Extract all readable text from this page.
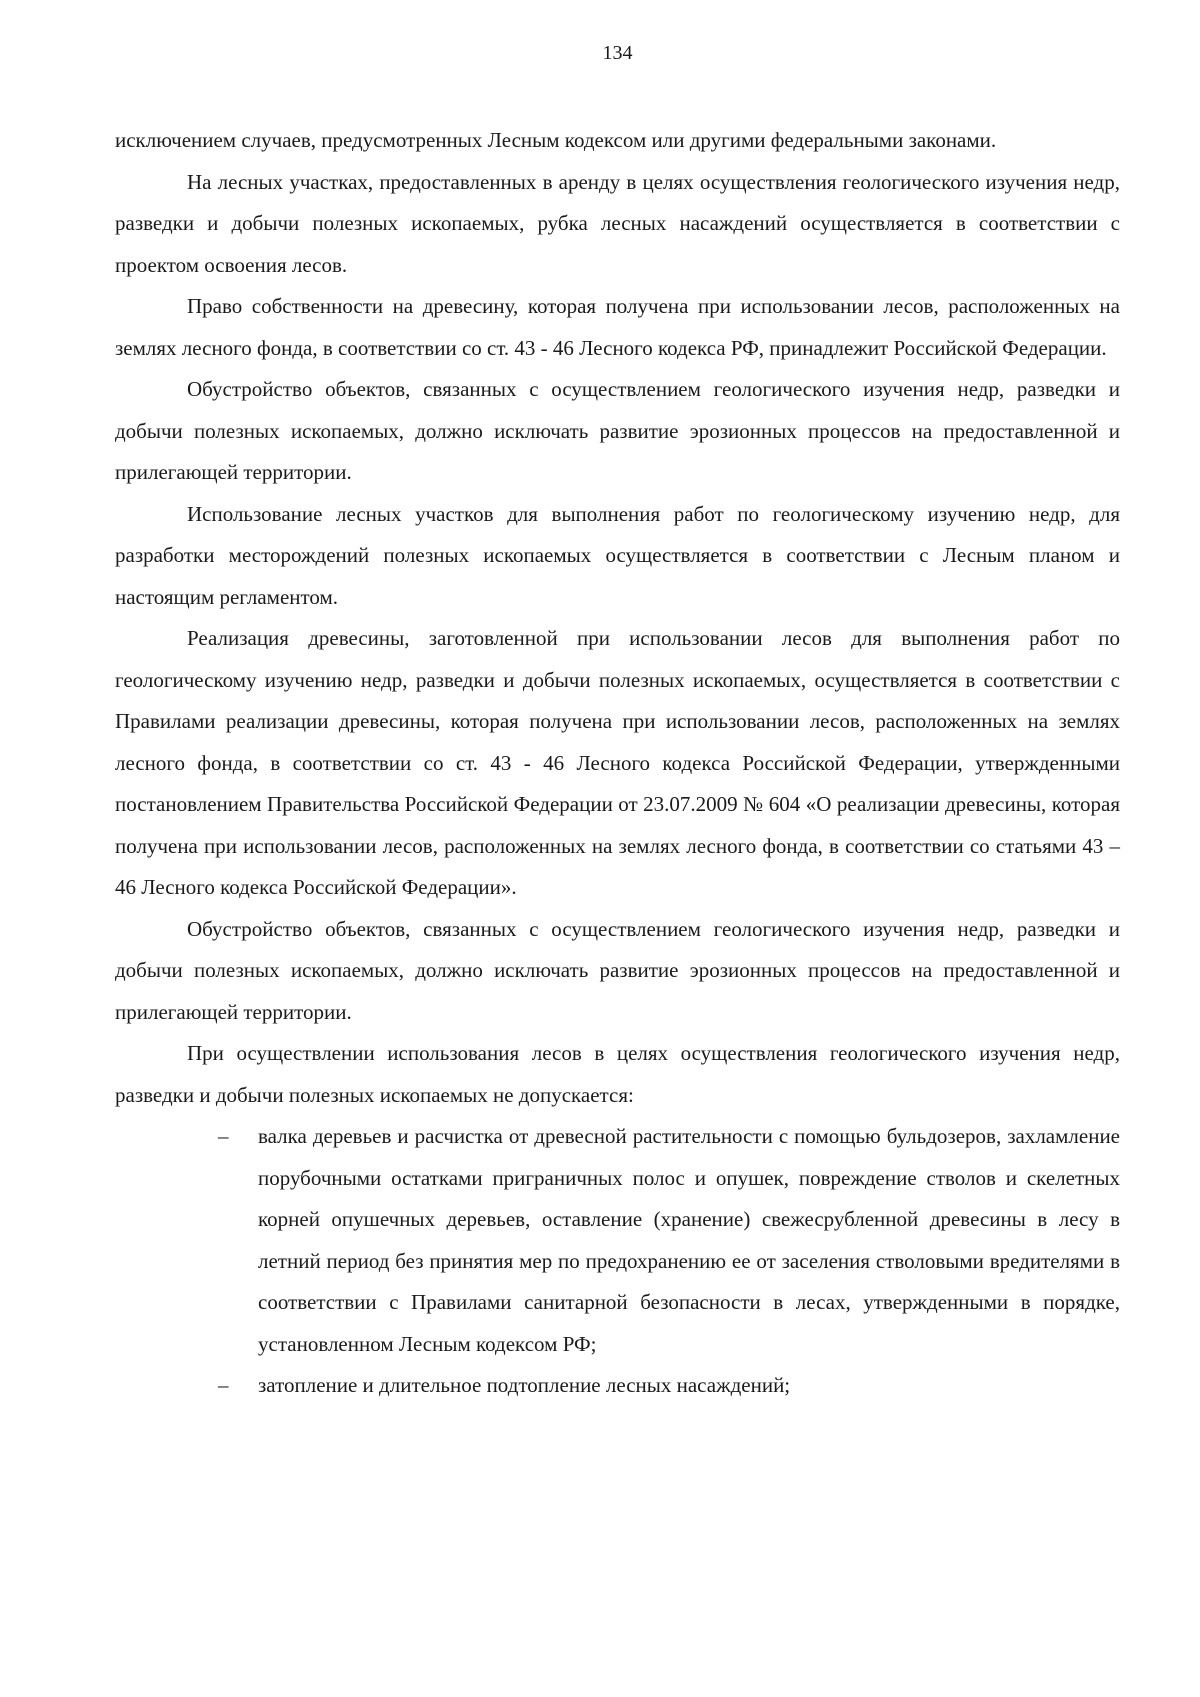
134

исключением случаев, предусмотренных Лесным кодексом или другими федеральными законами.

На лесных участках, предоставленных в аренду в целях осуществления геологического изучения недр, разведки и добычи полезных ископаемых, рубка лесных насаждений осуществляется в соответствии с проектом освоения лесов.

Право собственности на древесину, которая получена при использовании лесов, расположенных на землях лесного фонда, в соответствии со ст. 43 - 46 Лесного кодекса РФ, принадлежит Российской Федерации.

Обустройство объектов, связанных с осуществлением геологического изучения недр, разведки и добычи полезных ископаемых, должно исключать развитие эрозионных процессов на предоставленной и прилегающей территории.

Использование лесных участков для выполнения работ по геологическому изучению недр, для разработки месторождений полезных ископаемых осуществляется в соответствии с Лесным планом и настоящим регламентом.

Реализация древесины, заготовленной при использовании лесов для выполнения работ по геологическому изучению недр, разведки и добычи полезных ископаемых, осуществляется в соответствии с Правилами реализации древесины, которая получена при использовании лесов, расположенных на землях лесного фонда, в соответствии со ст. 43 - 46 Лесного кодекса Российской Федерации, утвержденными постановлением Правительства Российской Федерации от 23.07.2009 № 604 «О реализации древесины, которая получена при использовании лесов, расположенных на землях лесного фонда, в соответствии со статьями 43 – 46 Лесного кодекса Российской Федерации».

Обустройство объектов, связанных с осуществлением геологического изучения недр, разведки и добычи полезных ископаемых, должно исключать развитие эрозионных процессов на предоставленной и прилегающей территории.

При осуществлении использования лесов в целях осуществления геологического изучения недр, разведки и добычи полезных ископаемых не допускается:

– валка деревьев и расчистка от древесной растительности с помощью бульдозеров, захламление порубочными остатками приграничных полос и опушек, повреждение стволов и скелетных корней опушечных деревьев, оставление (хранение) свежесрубленной древесины в лесу в летний период без принятия мер по предохранению ее от заселения стволовыми вредителями в соответствии с Правилами санитарной безопасности в лесах, утвержденными в порядке, установленном Лесным кодексом РФ;
– затопление и длительное подтопление лесных насаждений;
